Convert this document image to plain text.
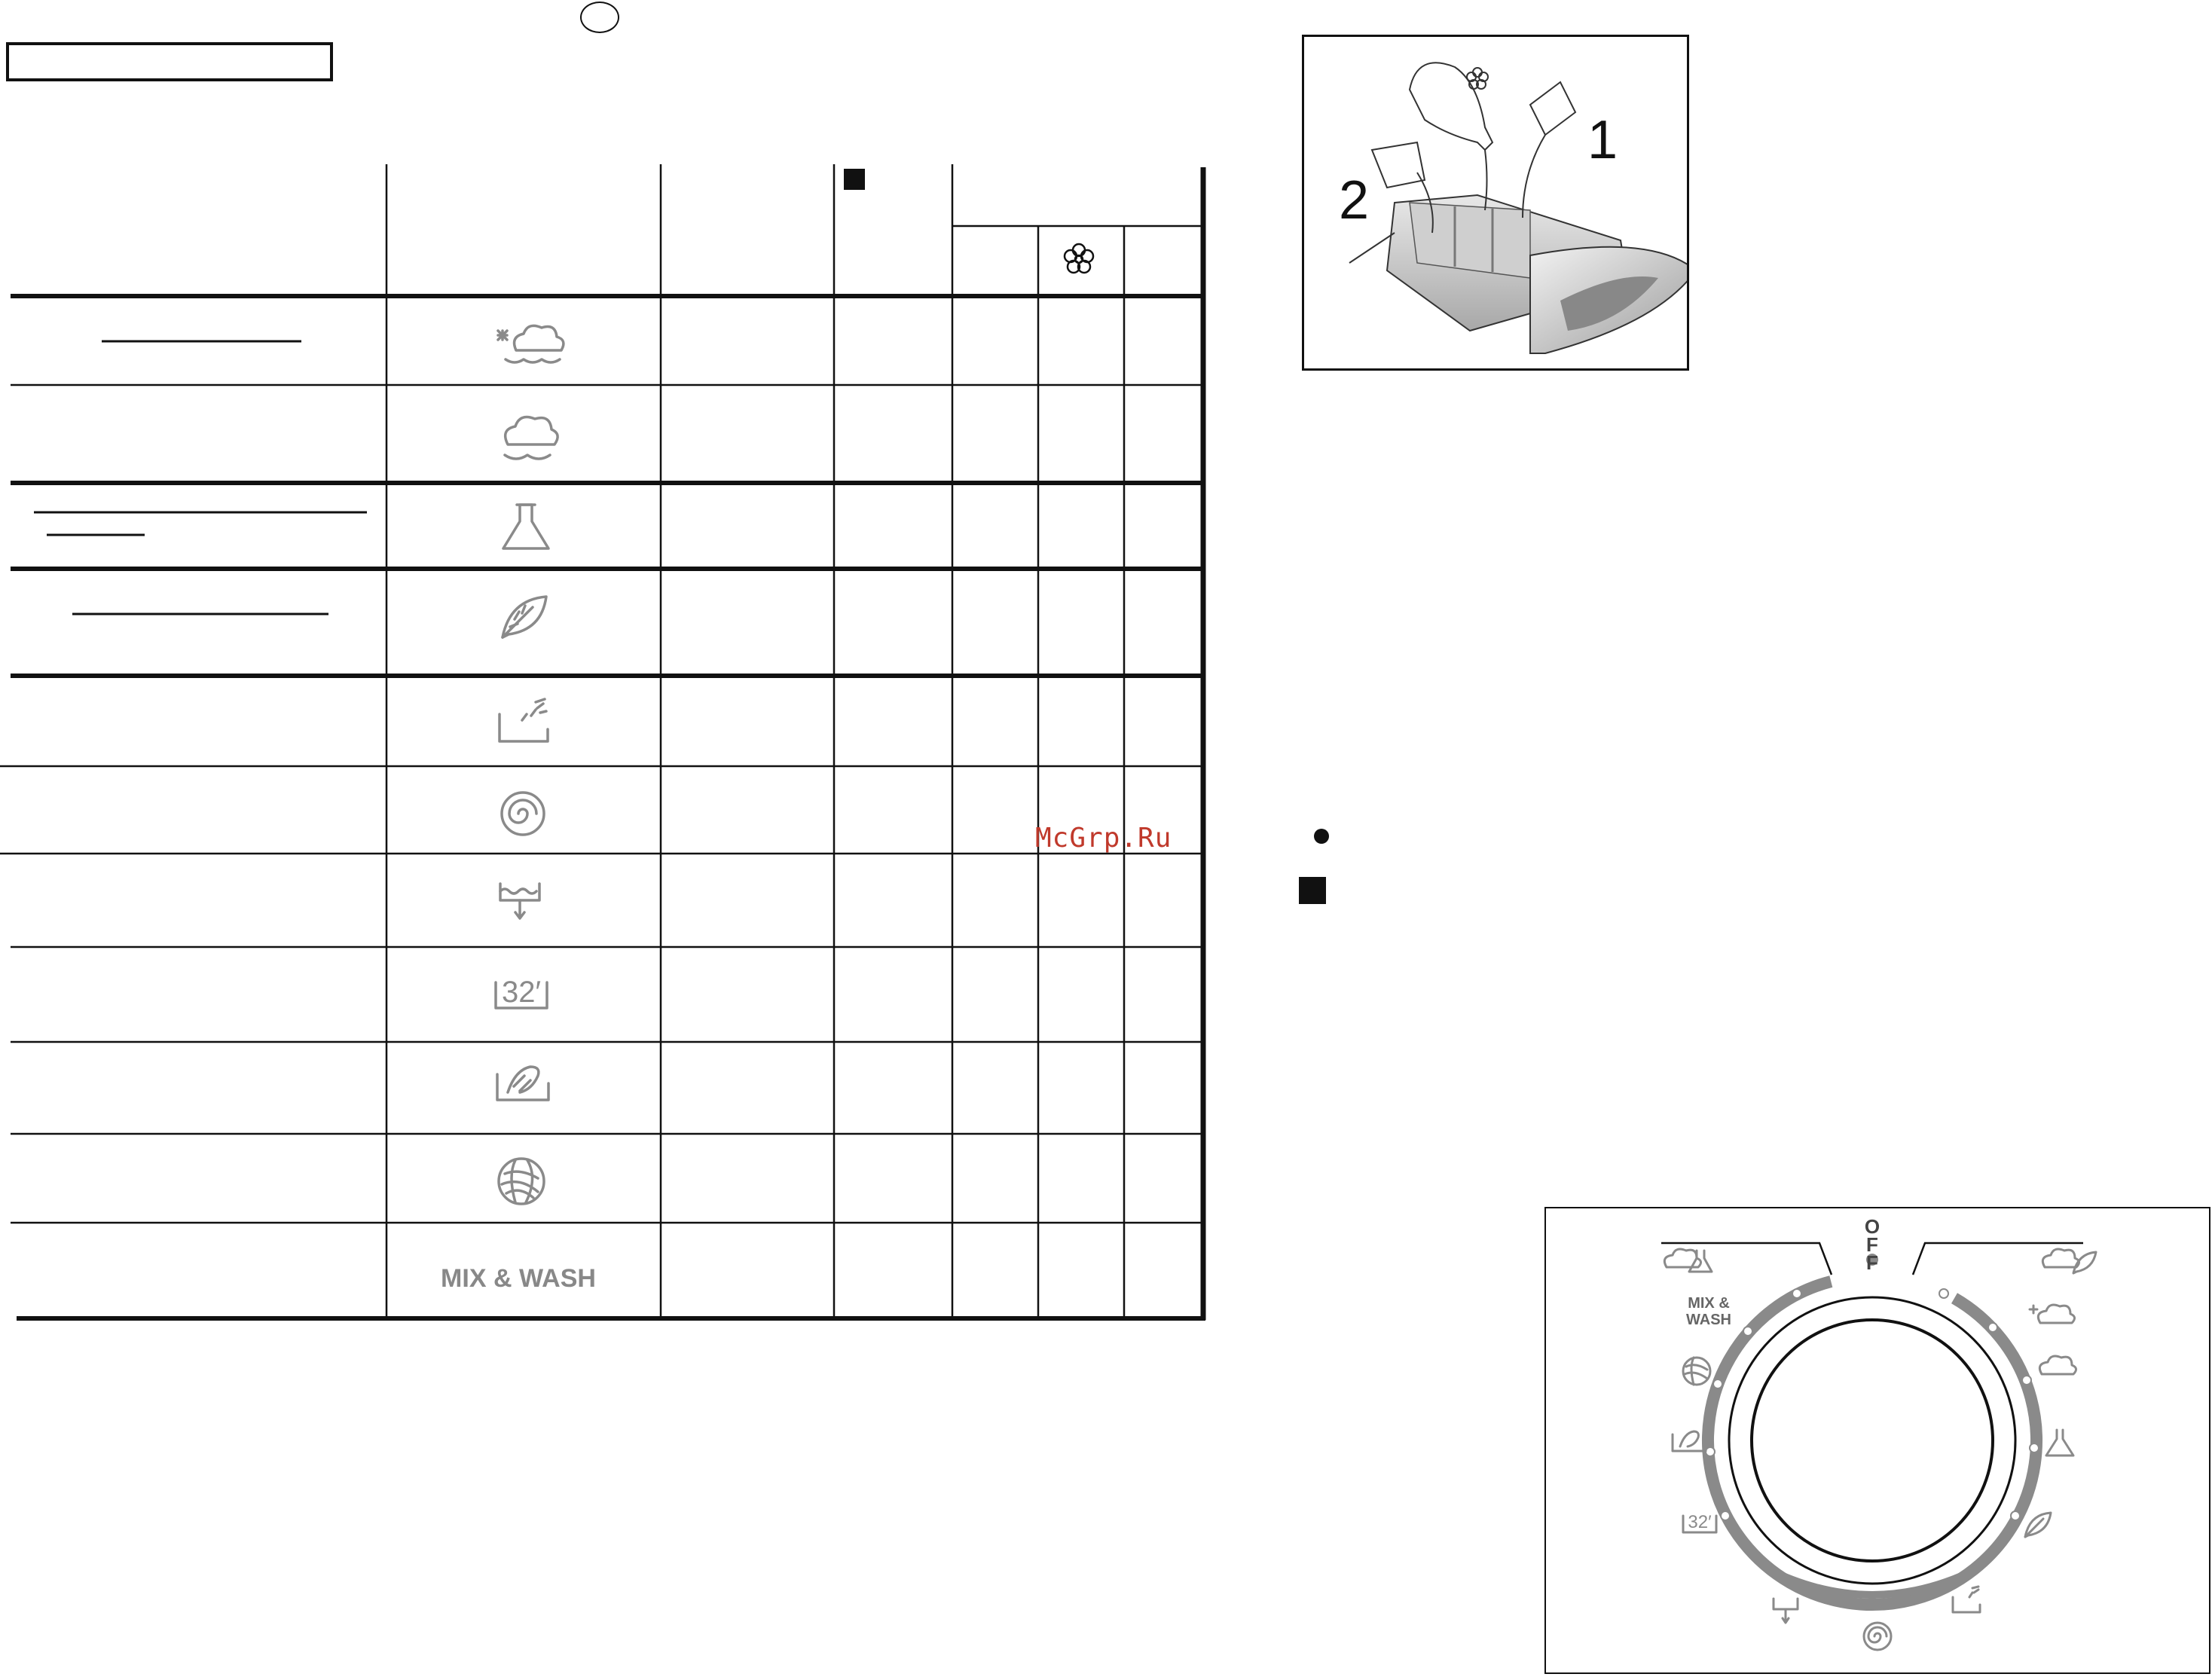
32′
MIX & WASH
1
2
McGrp.Ru
32′
MIX &
WASH
OFF
